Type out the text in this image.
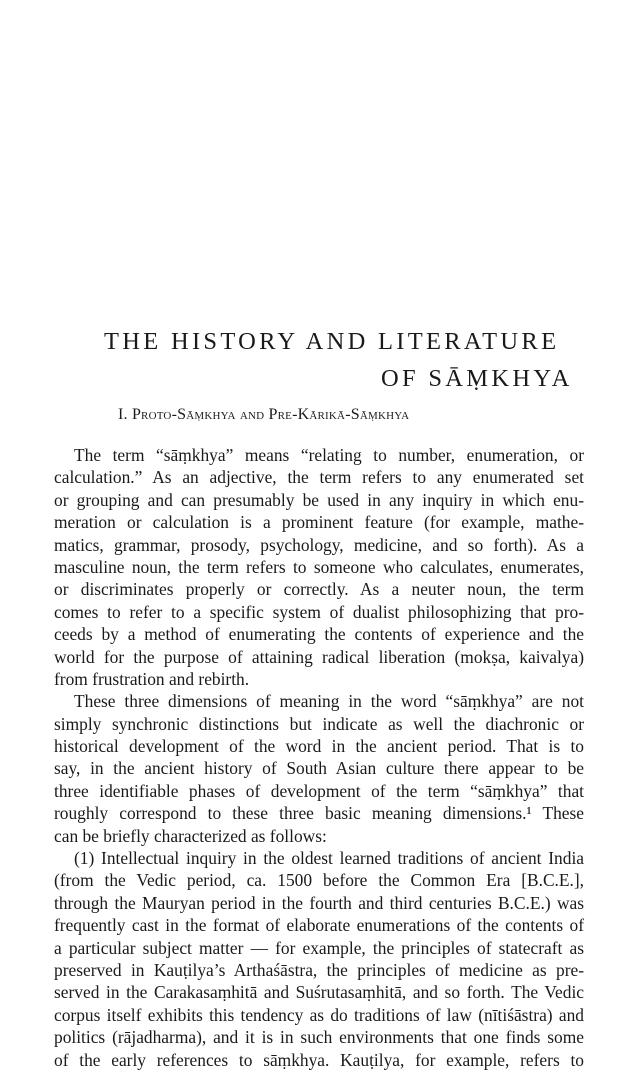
THE HISTORY AND LITERATURE
OF SĀṂKHYA
I. Proto-Sāṃkhya and Pre-Kārikā-Sāṃkhya
The term “sāṃkhya” means “relating to number, enumeration, or
calculation.” As an adjective, the term refers to any enumerated set
or grouping and can presumably be used in any inquiry in which enu-
meration or calculation is a prominent feature (for example, mathe-
matics, grammar, prosody, psychology, medicine, and so forth). As a
masculine noun, the term refers to someone who calculates, enumerates,
or discriminates properly or correctly. As a neuter noun, the term
comes to refer to a specific system of dualist philosophizing that pro-
ceeds by a method of enumerating the contents of experience and the
world for the purpose of attaining radical liberation (mokṣa, kaivalya)
from frustration and rebirth.
These three dimensions of meaning in the word “sāṃkhya” are not
simply synchronic distinctions but indicate as well the diachronic or
historical development of the word in the ancient period. That is to
say, in the ancient history of South Asian culture there appear to be
three identifiable phases of development of the term “sāṃkhya” that
roughly correspond to these three basic meaning dimensions.¹ These
can be briefly characterized as follows:
(1) Intellectual inquiry in the oldest learned traditions of ancient India
(from the Vedic period, ca. 1500 before the Common Era [B.C.E.],
through the Mauryan period in the fourth and third centuries B.C.E.) was
frequently cast in the format of elaborate enumerations of the contents of
a particular subject matter — for example, the principles of statecraft as
preserved in Kauṭilya’s Arthaśāstra, the principles of medicine as pre-
served in the Carakasaṃhitā and Suśrutasaṃhitā, and so forth. The Vedic
corpus itself exhibits this tendency as do traditions of law (nītiśāstra) and
politics (rājadharma), and it is in such environments that one finds some
of the early references to sāṃkhya. Kauṭilya, for example, refers to
